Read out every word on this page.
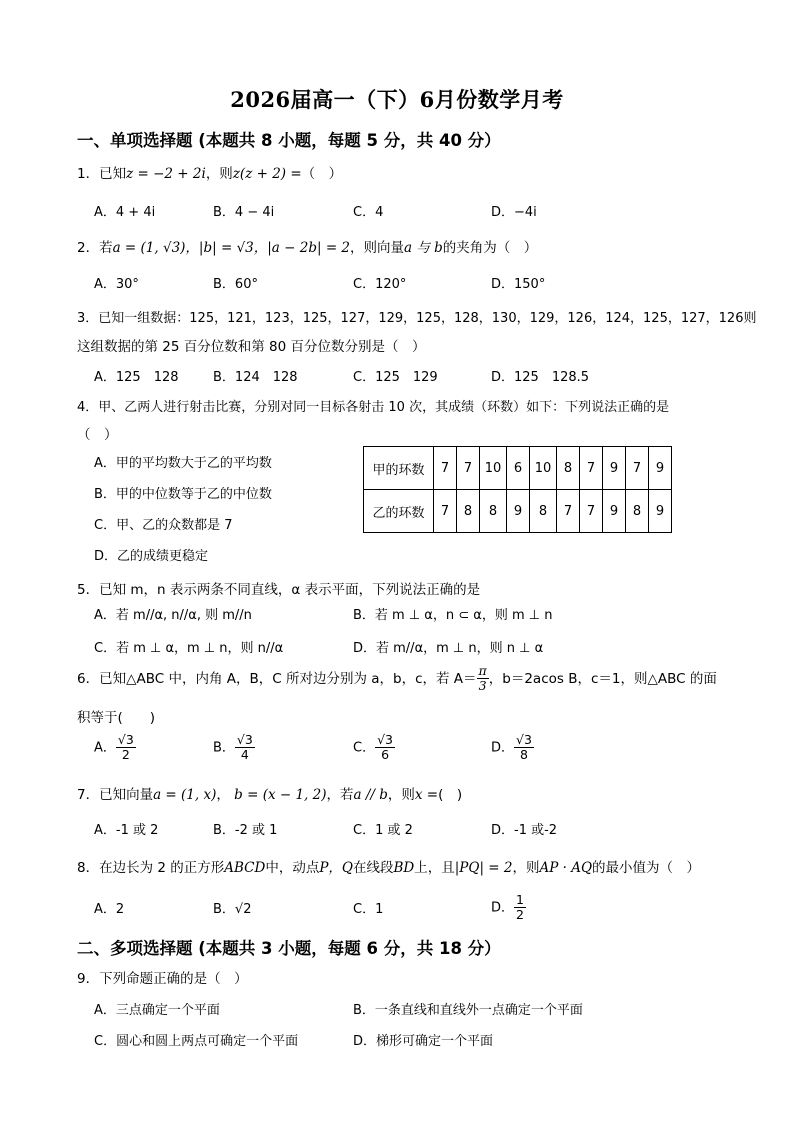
2026届高一（下）6月份数学月考
一、单项选择题 (本题共 8 小题，每题 5 分，共 40 分）
1．已知z = −2 + 2i，则z(z + 2) =（　）
A．4 + 4i	B．4 − 4i	C．4	D．−4i
2．若a = (1, √3)，|b| = √3，|a − 2b| = 2，则向量a 与 b的夹角为（　）
A．30°	B．60°	C．120°	D．150°
3．已知一组数据：125，121，123，125，127，129，125，128，130，129，126，124，125，127，126则
这组数据的第 25 百分位数和第 80 百分位数分别是（　）
A．125　128	B．124　128	C．125　129	D．125　128.5
4．甲、乙两人进行射击比赛，分别对同一目标各射击 10 次，其成绩（环数）如下：下列说法正确的是
（　）
A．甲的平均数大于乙的平均数
B．甲的中位数等于乙的中位数
C．甲、乙的众数都是 7
D．乙的成绩更稳定
甲的环数	7	7	10	6	10	8	7	9	7	9
乙的环数	7	8	8	9	8	7	7	9	8	9
5．已知 m，n 表示两条不同直线，α 表示平面，下列说法正确的是
A．若 m//α, n//α, 则 m//n	B．若 m ⊥ α，n ⊂ α，则 m ⊥ n
C．若 m ⊥ α，m ⊥ n，则 n//α	D．若 m//α，m ⊥ n，则 n ⊥ α
6．已知△ABC 中，内角 A，B，C 所对边分别为 a，b，c，若 $A= \frac{\pi}{3}$ ，b＝2acos B，c＝1，则△ABC 的面
积等于(　　)
A． $\frac{√3}{2}$	B． $\frac{√3}{4}$	C． $\frac{√3}{6}$	D． $\frac{√3}{8}$
7．已知向量a = (1, x)， b = (x − 1, 2)，若a // b，则x =(　)
A．-1 或 2	B．-2 或 1	C．1 或 2	D．-1 或-2
8．在边长为 2 的正方形ABCD中，动点P，Q在线段BD上，且|PQ| = 2，则AP · AQ的最小值为（　）
A．2	B．√2	C．1	D． $\frac{1}{2}$
二、多项选择题 (本题共 3 小题，每题 6 分，共 18 分）
9．下列命题正确的是（　）
A．三点确定一个平面	B．一条直线和直线外一点确定一个平面
C．圆心和圆上两点可确定一个平面	D．梯形可确定一个平面
